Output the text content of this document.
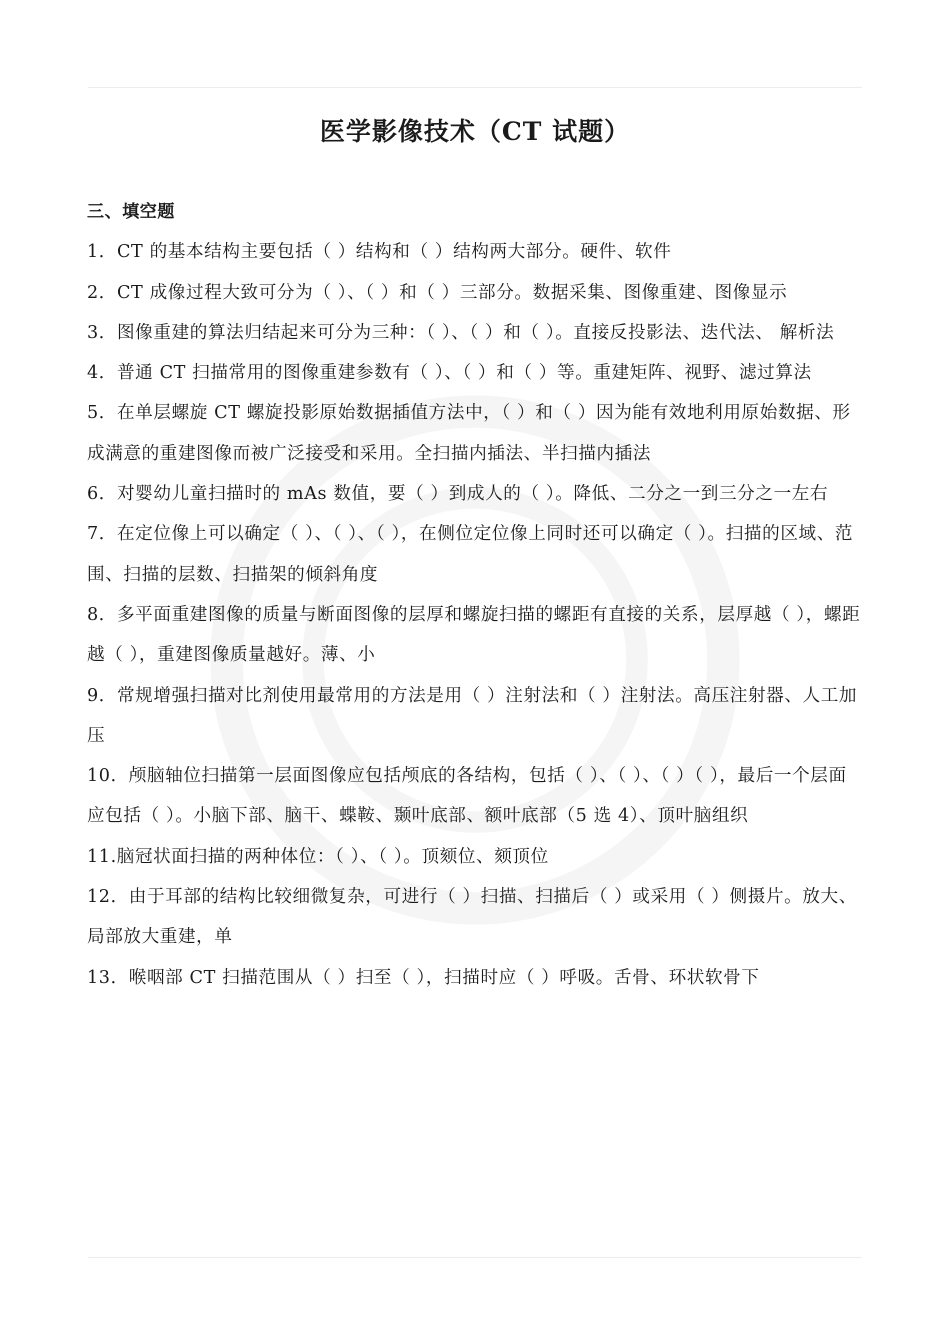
医学影像技术（CT 试题）
三、填空题

1．CT 的基本结构主要包括（ ）结构和（ ）结构两大部分。硬件、软件

2．CT 成像过程大致可分为（ ）、（ ）和（ ）三部分。数据采集、图像重建、图像显示

3．图像重建的算法归结起来可分为三种：（ ）、（ ）和（ ）。直接反投影法、迭代法、 解析法

4．普通 CT 扫描常用的图像重建参数有（ ）、（ ）和（ ）等。重建矩阵、视野、滤过算法

5．在单层螺旋 CT 螺旋投影原始数据插值方法中，（ ）和（ ）因为能有效地利用原始数据、形成满意的重建图像而被广泛接受和采用。全扫描内插法、半扫描内插法

6．对婴幼儿童扫描时的 mAs 数值，要（ ）到成人的（ ）。降低、二分之一到三分之一左右

7．在定位像上可以确定（ ）、（ ）、（ ），在侧位定位像上同时还可以确定（ ）。扫描的区域、范围、扫描的层数、扫描架的倾斜角度

8．多平面重建图像的质量与断面图像的层厚和螺旋扫描的螺距有直接的关系，层厚越（ ），螺距越（ ），重建图像质量越好。薄、小

9．常规增强扫描对比剂使用最常用的方法是用（ ）注射法和（ ）注射法。高压注射器、人工加压

10．颅脑轴位扫描第一层面图像应包括颅底的各结构，包括（ ）、（ ）、（ ）（ ），最后一个层面应包括（ ）。小脑下部、脑干、蝶鞍、颞叶底部、额叶底部（5 选 4）、顶叶脑组织

11.脑冠状面扫描的两种体位：（ ）、（ ）。顶颏位、颏顶位

12．由于耳部的结构比较细微复杂，可进行（ ）扫描、扫描后（ ）或采用（ ）侧摄片。放大、局部放大重建，单

13．喉咽部 CT 扫描范围从（ ）扫至（ ），扫描时应（ ）呼吸。舌骨、环状软骨下
